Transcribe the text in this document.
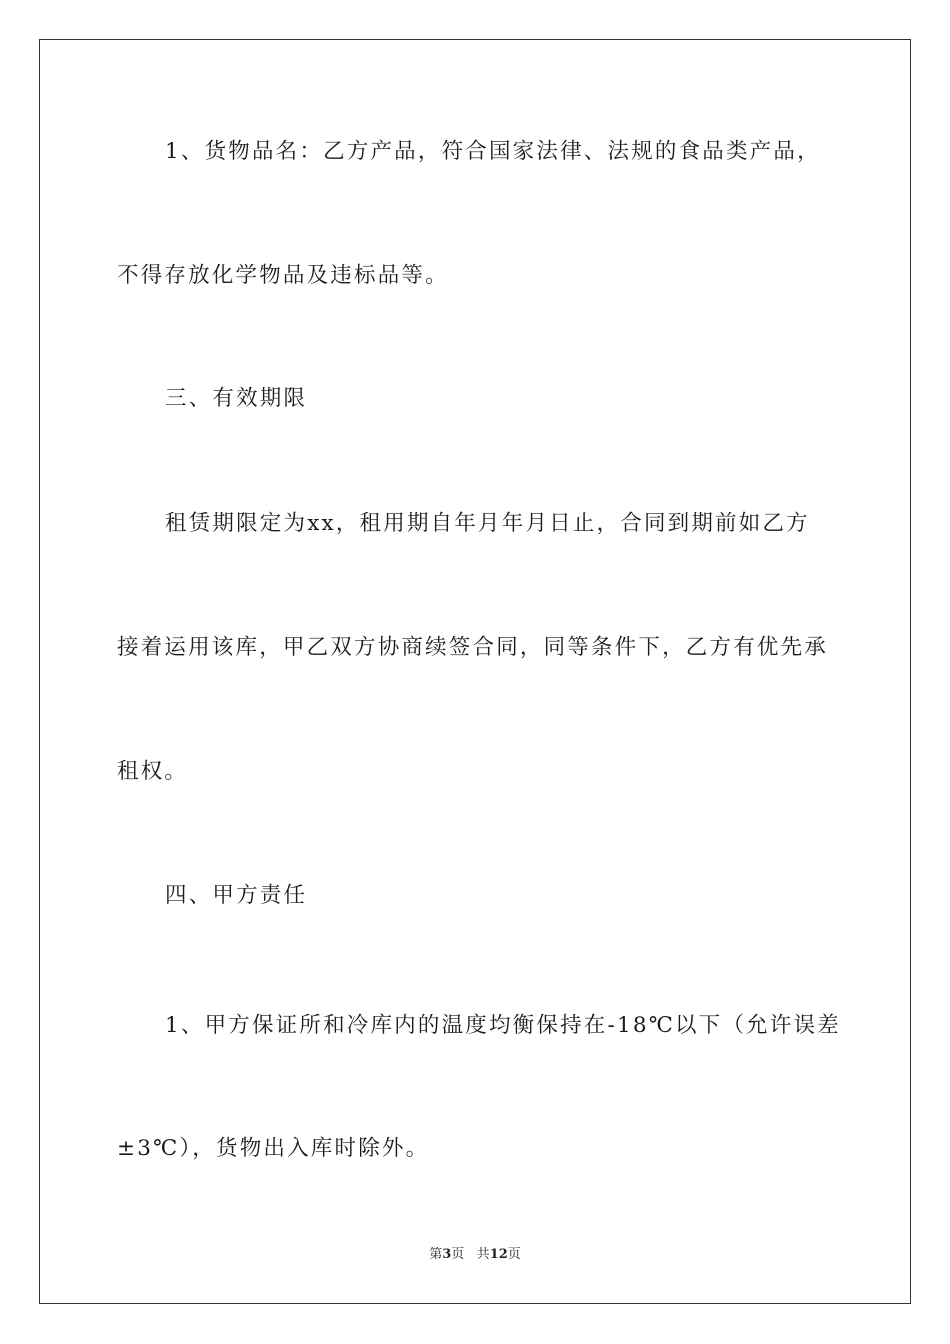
1、货物品名：乙方产品，符合国家法律、法规的食品类产品，
不得存放化学物品及违标品等。
三、有效期限
租赁期限定为xx，租用期自年月年月日止，合同到期前如乙方
接着运用该库，甲乙双方协商续签合同，同等条件下，乙方有优先承
租权。
四、甲方责任
1、甲方保证所和冷库内的温度均衡保持在-18℃以下（允许误差
±3℃），货物出入库时除外。
第3页 共12页
